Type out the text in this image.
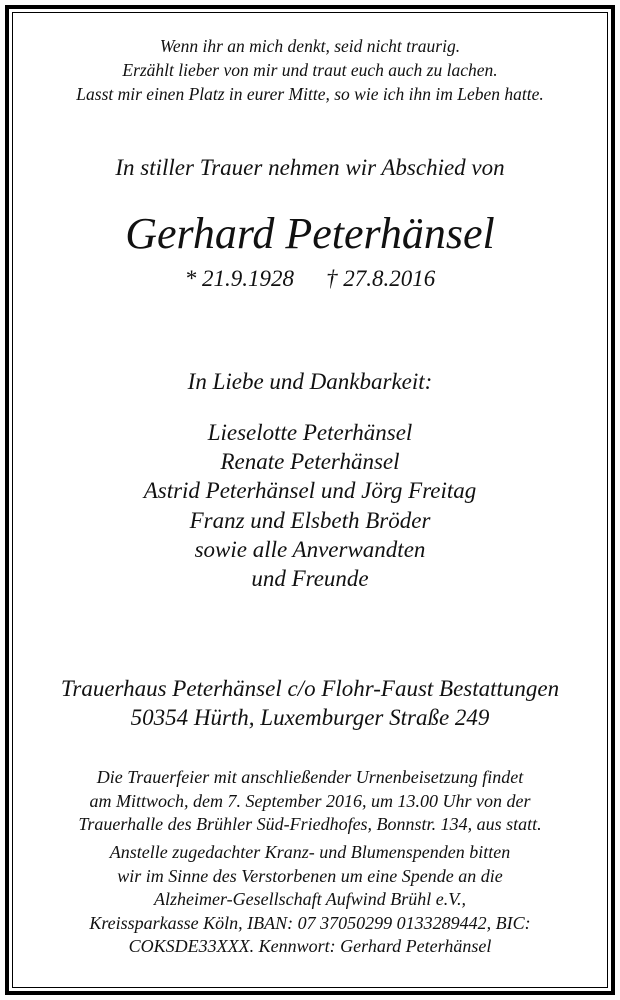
Wenn ihr an mich denkt, seid nicht traurig.
Erzählt lieber von mir und traut euch auch zu lachen.
Lasst mir einen Platz in eurer Mitte, so wie ich ihn im Leben hatte.
In stiller Trauer nehmen wir Abschied von
Gerhard Peterhänsel
* 21.9.1928 † 27.8.2016
In Liebe und Dankbarkeit:
Lieselotte Peterhänsel
Renate Peterhänsel
Astrid Peterhänsel und Jörg Freitag
Franz und Elsbeth Bröder
sowie alle Anverwandten
und Freunde
Trauerhaus Peterhänsel c/o Flohr-Faust Bestattungen
50354 Hürth, Luxemburger Straße 249
Die Trauerfeier mit anschließender Urnenbeisetzung findet
am Mittwoch, dem 7. September 2016, um 13.00 Uhr von der
Trauerhalle des Brühler Süd-Friedhofes, Bonnstr. 134, aus statt.
Anstelle zugedachter Kranz- und Blumenspenden bitten
wir im Sinne des Verstorbenen um eine Spende an die
Alzheimer-Gesellschaft Aufwind Brühl e.V.,
Kreissparkasse Köln, IBAN: 07 37050299 0133289442, BIC:
COKSDE33XXX. Kennwort: Gerhard Peterhänsel
